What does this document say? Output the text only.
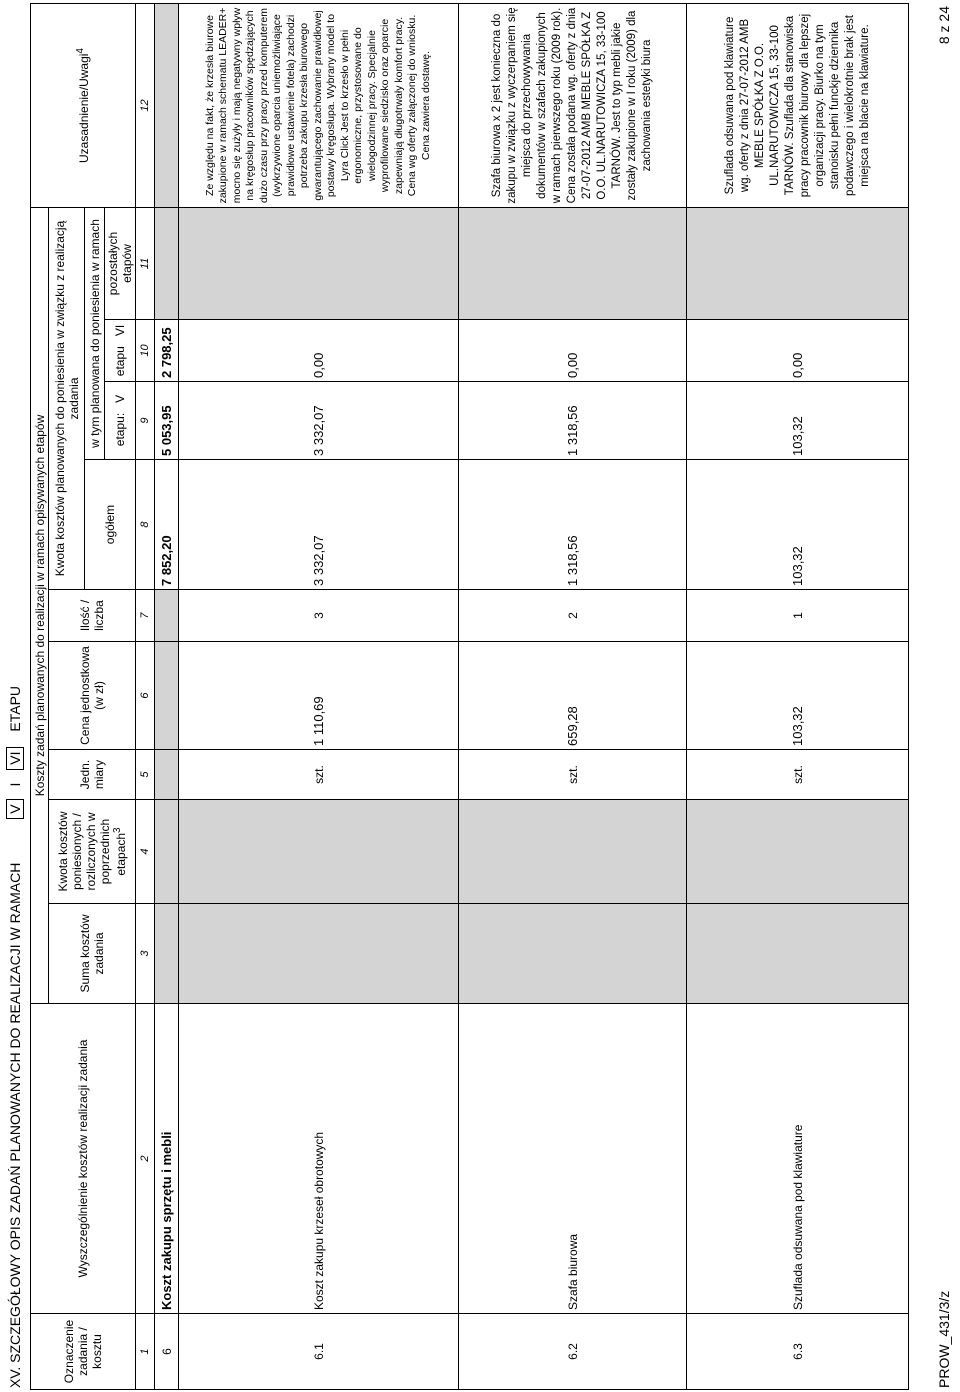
XV. SZCZEGÓŁOWY OPIS ZADAŃ PLANOWANYCH DO REALIZACJI W RAMACH V I VI ETAPU
Oznaczenie zadania / kosztu	Wyszczególnienie kosztów realizacji zadania	Koszty zadań planowanych do realizacji w ramach opisywanych etapów									Uzasadnienie/Uwagi$^4$
		Suma kosztów zadania	Kwota kosztów poniesionych / rozliczonych w poprzednich etapach$^3$	Jedn. miary	Cena jednostkowa (w zł)	Ilość / liczba	Kwota kosztów planowanych do poniesienia w związku z realizacją zadania				
							ogółem	w tym planowana do poniesienia w ramach			
								etapu:   V	etapu   VI	pozostałych etapów	
1	2	3	4	5	6	7	8	9	10	11	12
6	Koszt zakupu sprzętu i mebli						7 852,20	5 053,95	2 798,25		
6.1	Koszt zakupu krzeseł obrotowych			szt.	1 110,69	3	3 332,07	3 332,07	0,00		Ze względu na fakt, że krzesła biurowe zakupione w ramach schematu LEADER+ mocno się zużyły i mają negatywny wpływ na kręgosłup pracowników spędzających dużo czasu przy pracy przed komputerem (wykrzywione oparcia uniemożliwiające prawidłowe ustawienie fotela) zachodzi potrzeba zakupu krzesła biurowego gwarantującego zachowanie prawidłowej postawy kręgosłupa. Wybrany model to Lyra Click Jest to krzesło w pełni ergonomiczne, przystosowane do wielogodzinnej pracy. Specjalnie wyprofilowane siedzisko oraz oparcie zapewniają długotrwały komfort pracy. Cena wg oferty załączonej do wniosku. Cena zawiera dostawę.
6.2	Szafa biurowa			szt.	659,28	2	1 318,56	1 318,56	0,00		Szafa biurowa x 2 jest konieczna do zakupu w związku z wyczerpaniem się miejsca do przechowywania dokumentów w szafach zakupionych w ramach pierwszego roku (2009 rok). Cena została podana wg. oferty z dnia 27-07-2012 AMB MEBLE SPÓŁKA Z O.O. UL.NARUTOWICZA 15, 33-100 TARNÓW. Jest to typ mebli jakie zostały zakupione w I roku (2009) dla zachowania estetyki biura
6.3	Szuflada odsuwana pod klawiature			szt.	103,32	1	103,32	103,32	0,00		Szuflada odsuwana pod klawiature wg. oferty z dnia 27-07-2012 AMB MEBLE SPÓŁKA Z O.O. UL.NARUTOWICZA 15, 33-100 TARNÓW. Szuflada dla stanowiska pracy pracownik biurowy dla lepszej organizacji pracy. Biurko na tym stanoisku pełni funckje dziennika podawczego i wielokrotnie brak jest miejsca na blacie na klawiature.
PROW_431/3/z
8 z 24
